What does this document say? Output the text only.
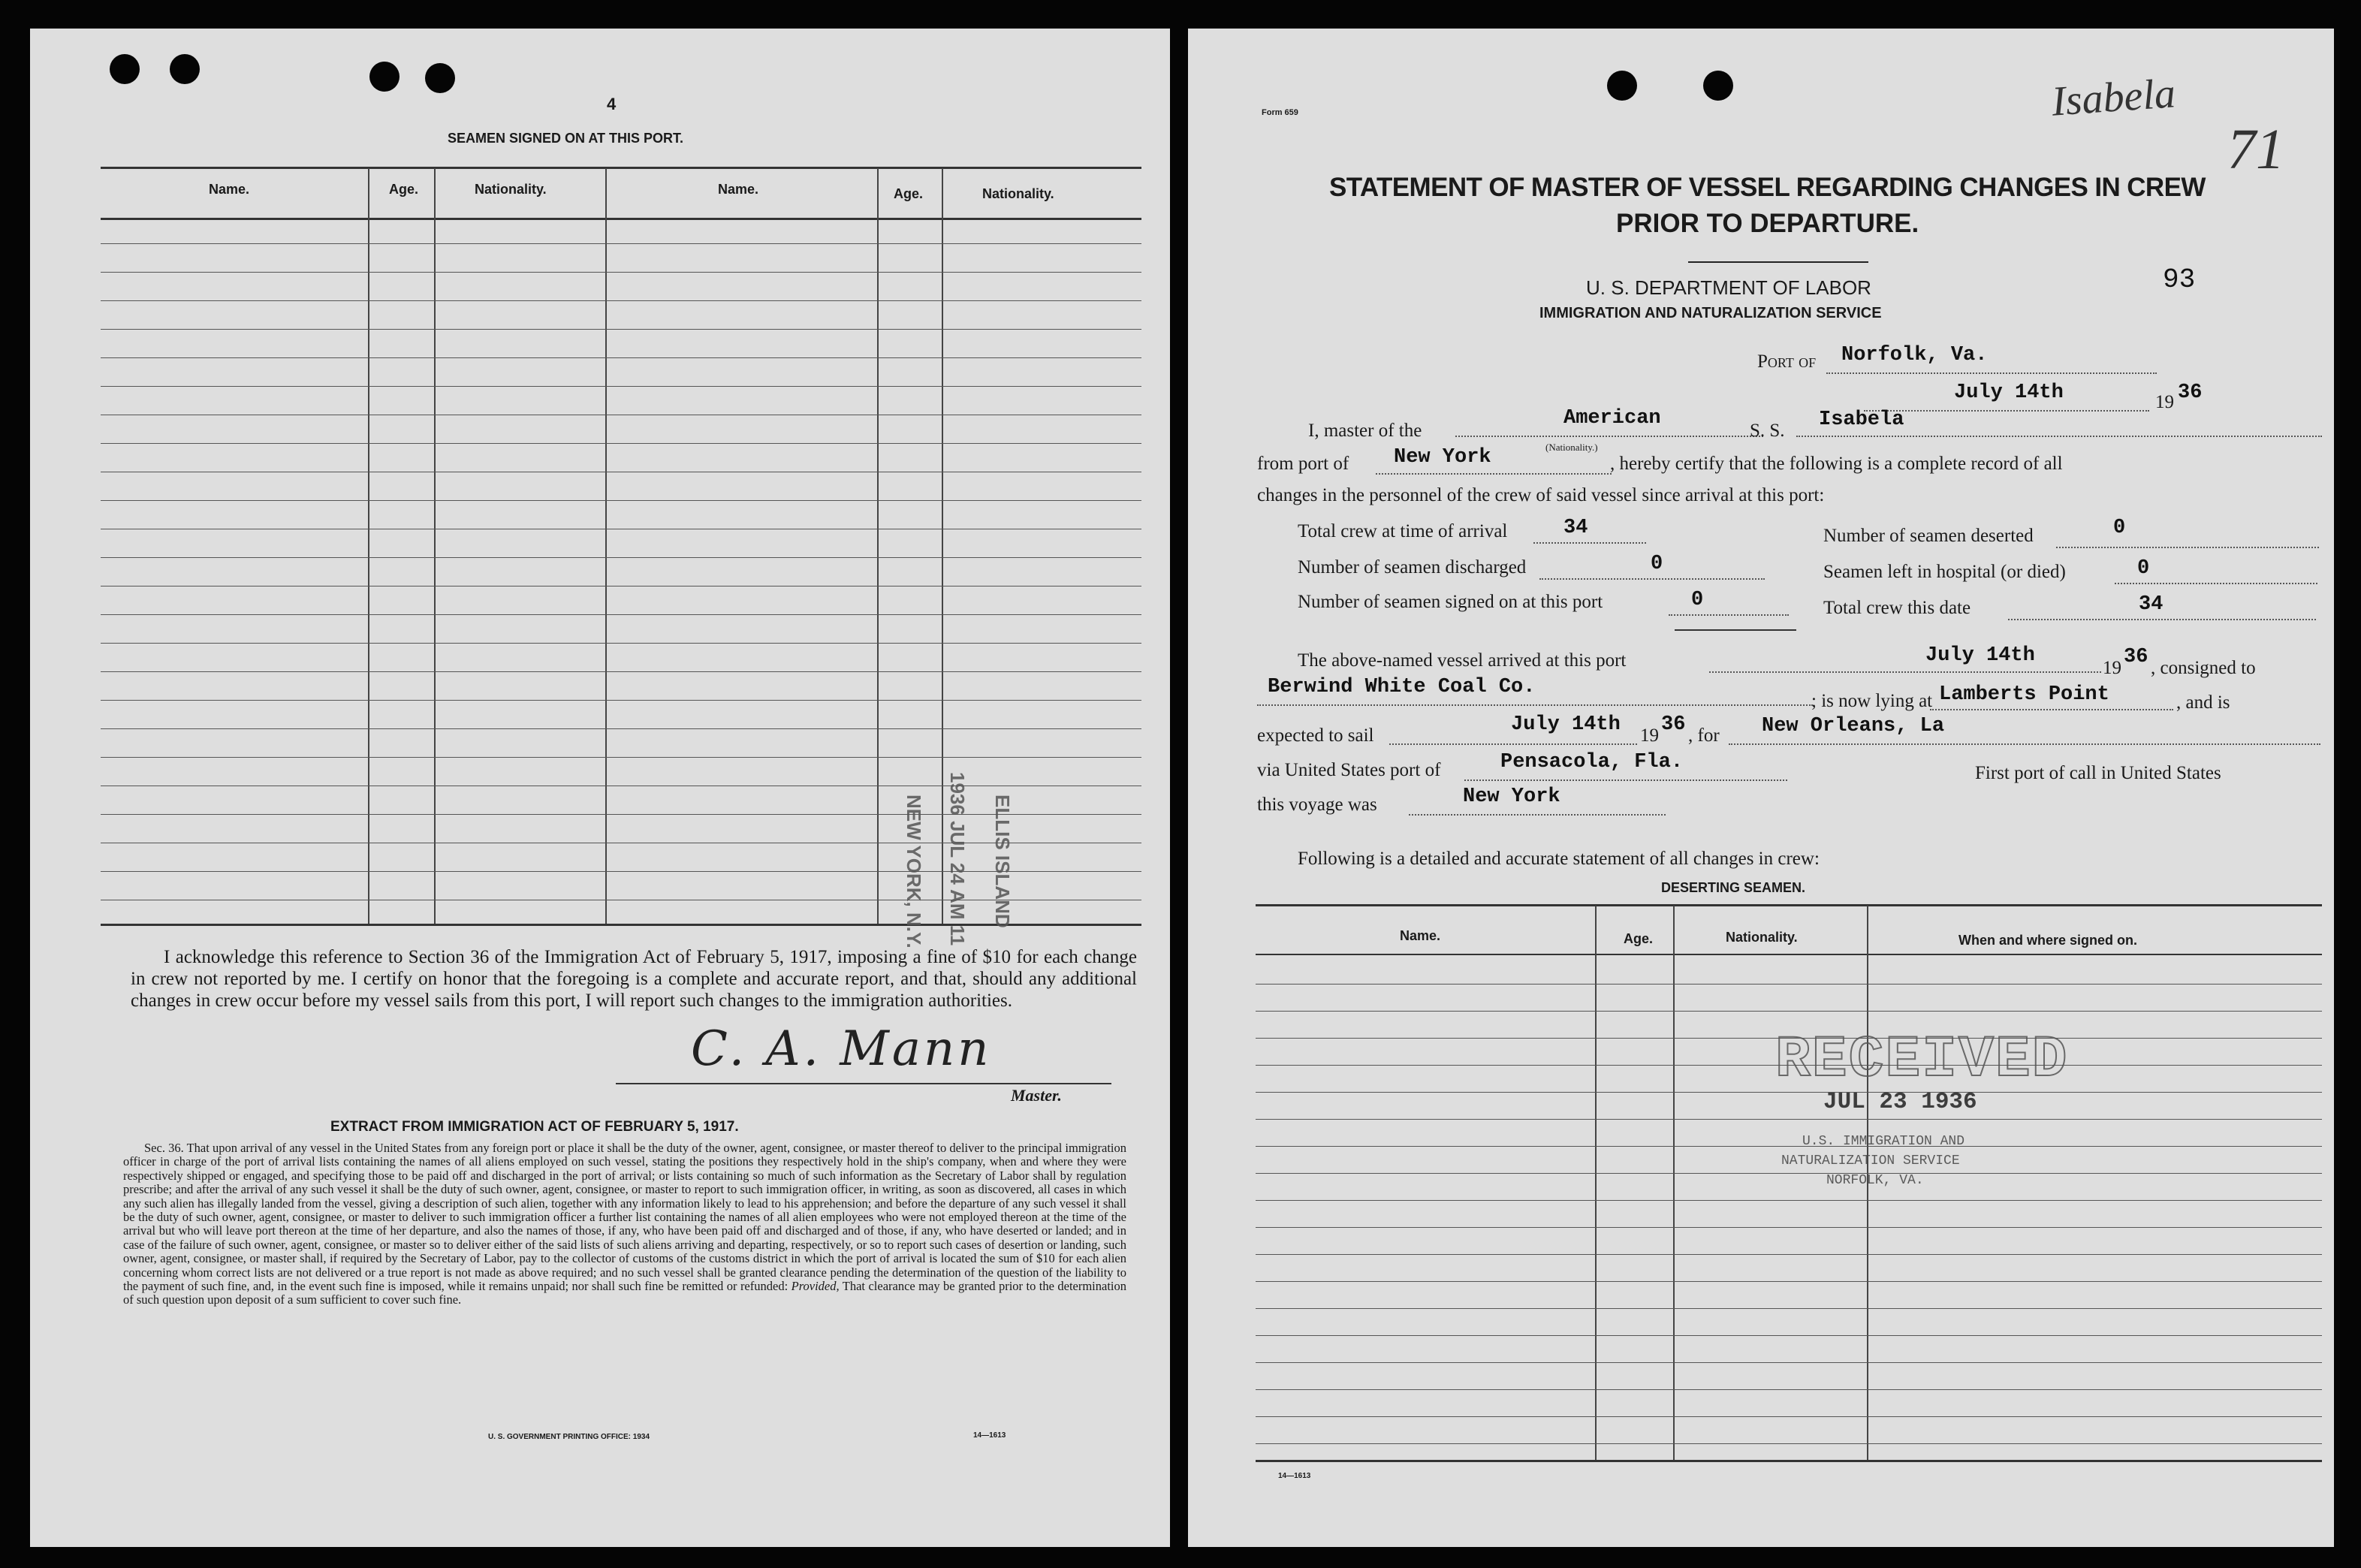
4
SEAMEN SIGNED ON AT THIS PORT.
Name.	Age.	Nationality.	Name.	Age.	Nationality.
ELLIS ISLAND
1936 JUL 24 AM 11
NEW YORK, N.Y.
I acknowledge this reference to Section 36 of the Immigration Act of February 5, 1917, imposing a fine of $10 for each change in crew not reported by me. I certify on honor that the foregoing is a complete and accurate report, and that, should any additional changes in crew occur before my vessel sails from this port, I will report such changes to the immigration authorities.
C. A. Mann
Master.
EXTRACT FROM IMMIGRATION ACT OF FEBRUARY 5, 1917.
Sec. 36. That upon arrival of any vessel in the United States from any foreign port or place it shall be the duty of the owner, agent, consignee, or master thereof to deliver to the principal immigration officer in charge of the port of arrival lists containing the names of all aliens employed on such vessel, stating the positions they respectively hold in the ship's company, when and where they were respectively shipped or engaged, and specifying those to be paid off and discharged in the port of arrival; or lists containing so much of such information as the Secretary of Labor shall by regulation prescribe; and after the arrival of any such vessel it shall be the duty of such owner, agent, consignee, or master to report to such immigration officer, in writing, as soon as discovered, all cases in which any such alien has illegally landed from the vessel, giving a description of such alien, together with any information likely to lead to his apprehension; and before the departure of any such vessel it shall be the duty of such owner, agent, consignee, or master to deliver to such immigration officer a further list containing the names of all alien employees who were not employed thereon at the time of the arrival but who will leave port thereon at the time of her departure, and also the names of those, if any, who have been paid off and discharged and of those, if any, who have deserted or landed; and in case of the failure of such owner, agent, consignee, or master so to deliver either of the said lists of such aliens arriving and departing, respectively, or so to report such cases of desertion or landing, such owner, agent, consignee, or master shall, if required by the Secretary of Labor, pay to the collector of customs of the customs district in which the port of arrival is located the sum of $10 for each alien concerning whom correct lists are not delivered or a true report is not made as above required; and no such vessel shall be granted clearance pending the determination of the question of the liability to the payment of such fine, and, in the event such fine is imposed, while it remains unpaid; nor shall such fine be remitted or refunded: Provided, That clearance may be granted prior to the determination of such question upon deposit of a sum sufficient to cover such fine.
U. S. GOVERNMENT PRINTING OFFICE: 1934	14—1613
Form 659	Isabela
71
STATEMENT OF MASTER OF VESSEL REGARDING CHANGES IN CREW
PRIOR TO DEPARTURE.
U. S. DEPARTMENT OF LABOR
IMMIGRATION AND NATURALIZATION SERVICE
93
Port of Norfolk, Va.
July 14th	19 36
I, master of the
American
(Nationality.)
S. S. Isabela
from port of New York	, hereby certify that the following is a complete record of all
changes in the personnel of the crew of said vessel since arrival at this port:
Total crew at time of arrival	34	Number of seamen deserted	0
Number of seamen discharged	0	Seamen left in hospital (or died)	0
Number of seamen signed on at this port	0	Total crew this date	34
The above-named vessel arrived at this port	July 14th
19 36 , consigned to
Berwind White Coal Co.
; is now lying at Lamberts Point	, and is
expected to sail	July 14th 19 36 , for New Orleans, La
via United States port of	Pensacola, Fla.	First port of call in United States
this voyage was	New York
Following is a detailed and accurate statement of all changes in crew:
DESERTING SEAMEN.
Name.	Age.	Nationality.	When and where signed on.
RECEIVED
JUL 23 1936
U.S. IMMIGRATION AND
NATURALIZATION SERVICE
NORFOLK, VA.
14—1613
